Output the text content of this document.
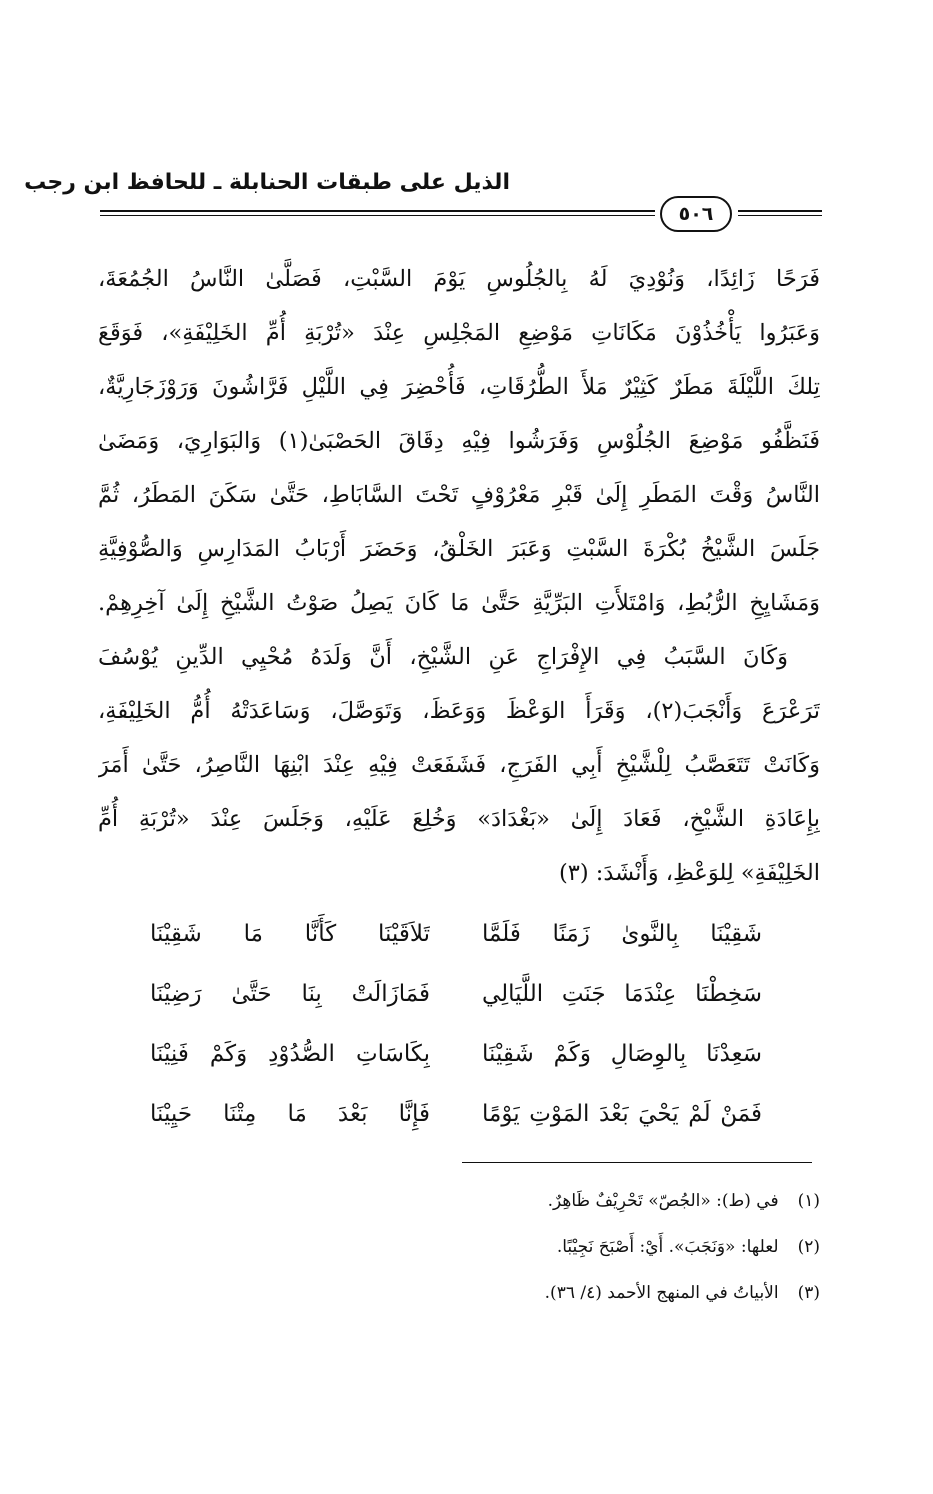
الذيل على طبقات الحنابلة ـ للحافظ ابن رجب
٥٠٦
فَرَحًا زَائِدًا، وَنُوْدِيَ لَهُ بِالجُلُوسِ يَوْمَ السَّبْتِ، فَصَلَّىٰ النَّاسُ الجُمُعَةَ،
وَعَبَرُوا يَأْخُذُوْنَ مَكَانَاتِ مَوْضِعِ المَجْلِسِ عِنْدَ «تُرْبَةِ أُمِّ الخَلِيْفَةِ»، فَوَقَعَ
تِلكَ اللَّيْلَةَ مَطَرٌ كَثِيْرٌ مَلأَ الطُّرُقَاتِ، فَأُحْضِرَ فِي اللَّيْلِ فَرَّاشُونَ وَرَوْزَجَارِيَّةٌ،
فَنَظَّفُو مَوْضِعَ الجُلُوْسِ وَفَرَشُوا فِيْهِ دِقَاقَ الحَصْبَىٰ(١) وَالبَوَارِيَ، وَمَضَىٰ
النَّاسُ وَقْتَ المَطَرِ إِلَىٰ قَبْرِ مَعْرُوْفٍ تَحْتَ السَّابَاطِ، حَتَّىٰ سَكَنَ المَطَرُ، ثُمَّ
جَلَسَ الشَّيْخُ بُكْرَةَ السَّبْتِ وَعَبَرَ الخَلْقُ، وَحَضَرَ أَرْبَابُ المَدَارِسِ وَالصُّوْفِيَّةِ
وَمَشَايِخِ الرُّبُطِ، وَامْتَلأَتِ البَرِّيَّةِ حَتَّىٰ مَا كَانَ يَصِلُ صَوْتُ الشَّيْخِ إِلَىٰ آخِرِهِمْ.
وَكَانَ السَّبَبُ فِي الإِفْرَاجِ عَنِ الشَّيْخِ، أَنَّ وَلَدَهُ مُحْيِي الدِّينِ يُوْسُفَ
تَرَعْرَعَ وَأَنْجَبَ(٢)، وَقَرَأَ الوَعْظَ وَوَعَظَ، وَتَوَصَّلَ، وَسَاعَدَتْهُ أُمُّ الخَلِيْفَةِ،
وَكَانَتْ تَتَعَصَّبُ لِلْشَّيْخِ أَبِي الفَرَجِ، فَشَفَعَتْ فِيْهِ عِنْدَ ابْنِهَا النَّاصِرُ، حَتَّىٰ أَمَرَ
بِإِعَادَةِ الشَّيْخِ، فَعَادَ إِلَىٰ «بَغْدَادَ» وَخُلِعَ عَلَيْهِ، وَجَلَسَ عِنْدَ «تُرْبَةِ أُمِّ
الخَلِيْفَةِ» لِلوَعْظِ، وَأَنْشَدَ: (٣)
شَقِيْنَا بِالنَّوىٰ زَمَنًا فَلَمَّا
تَلاَقَيْنَا كَأَنَّا مَا شَقِيْنَا
سَخِطْنَا عِنْدَمَا جَنَتِ اللَّيَالِي
فَمَازَالَتْ بِنَا حَتَّىٰ رَضِيْنَا
سَعِدْنَا بِالوِصَالِ وَكَمْ شَقِيْنَا
بِكَاسَاتِ الصُّدُوْدِ وَكَمْ فَنِيْنَا
فَمَنْ لَمْ يَحْيَ بَعْدَ المَوْتِ يَوْمًا
فَإِنَّا بَعْدَ مَا مِتْنَا حَيِيْنَا
(١) في (ط): «الجُصّ» تَحْرِيْفٌ ظَاهِرٌ.
(٢) لعلها: «وَنَجَبَ». أَيْ: أَصْبَحَ نَجِيْبًا.
(٣) الأبياتُ في المنهج الأحمد (٤/ ٣٦).
